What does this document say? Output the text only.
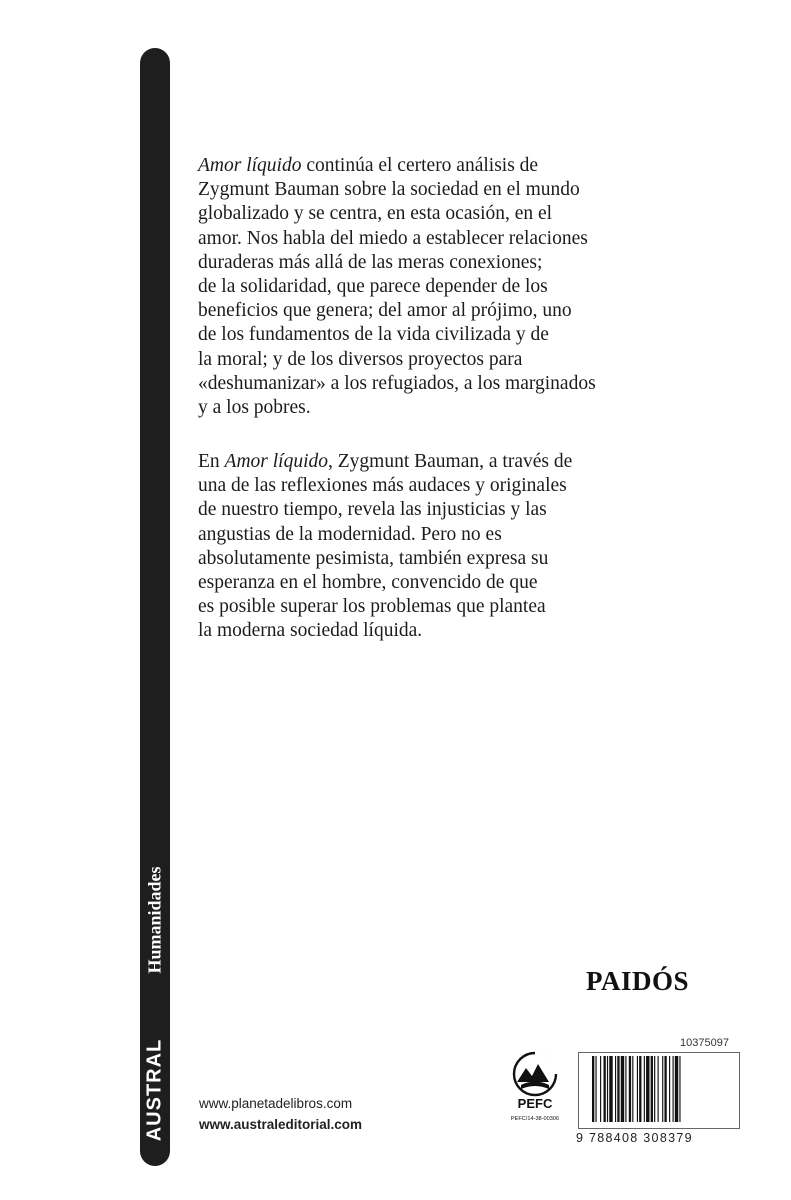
AUSTRAL
Humanidades
Amor líquido continúa el certero análisis de
Zygmunt Bauman sobre la sociedad en el mundo
globalizado y se centra, en esta ocasión, en el
amor. Nos habla del miedo a establecer relaciones
duraderas más allá de las meras conexiones;
de la solidaridad, que parece depender de los
beneficios que genera; del amor al prójimo, uno
de los fundamentos de la vida civilizada y de
la moral; y de los diversos proyectos para
«deshumanizar» a los refugiados, a los marginados
y a los pobres.
En Amor líquido, Zygmunt Bauman, a través de
una de las reflexiones más audaces y originales
de nuestro tiempo, revela las injusticias y las
angustias de la modernidad. Pero no es
absolutamente pesimista, también expresa su
esperanza en el hombre, convencido de que
es posible superar los problemas que plantea
la moderna sociedad líquida.
PAIDÓS
www.planetadelibros.com
www.australeditorial.com
PEFC
PEFC/14-38-00306
10375097
9 788408 308379
